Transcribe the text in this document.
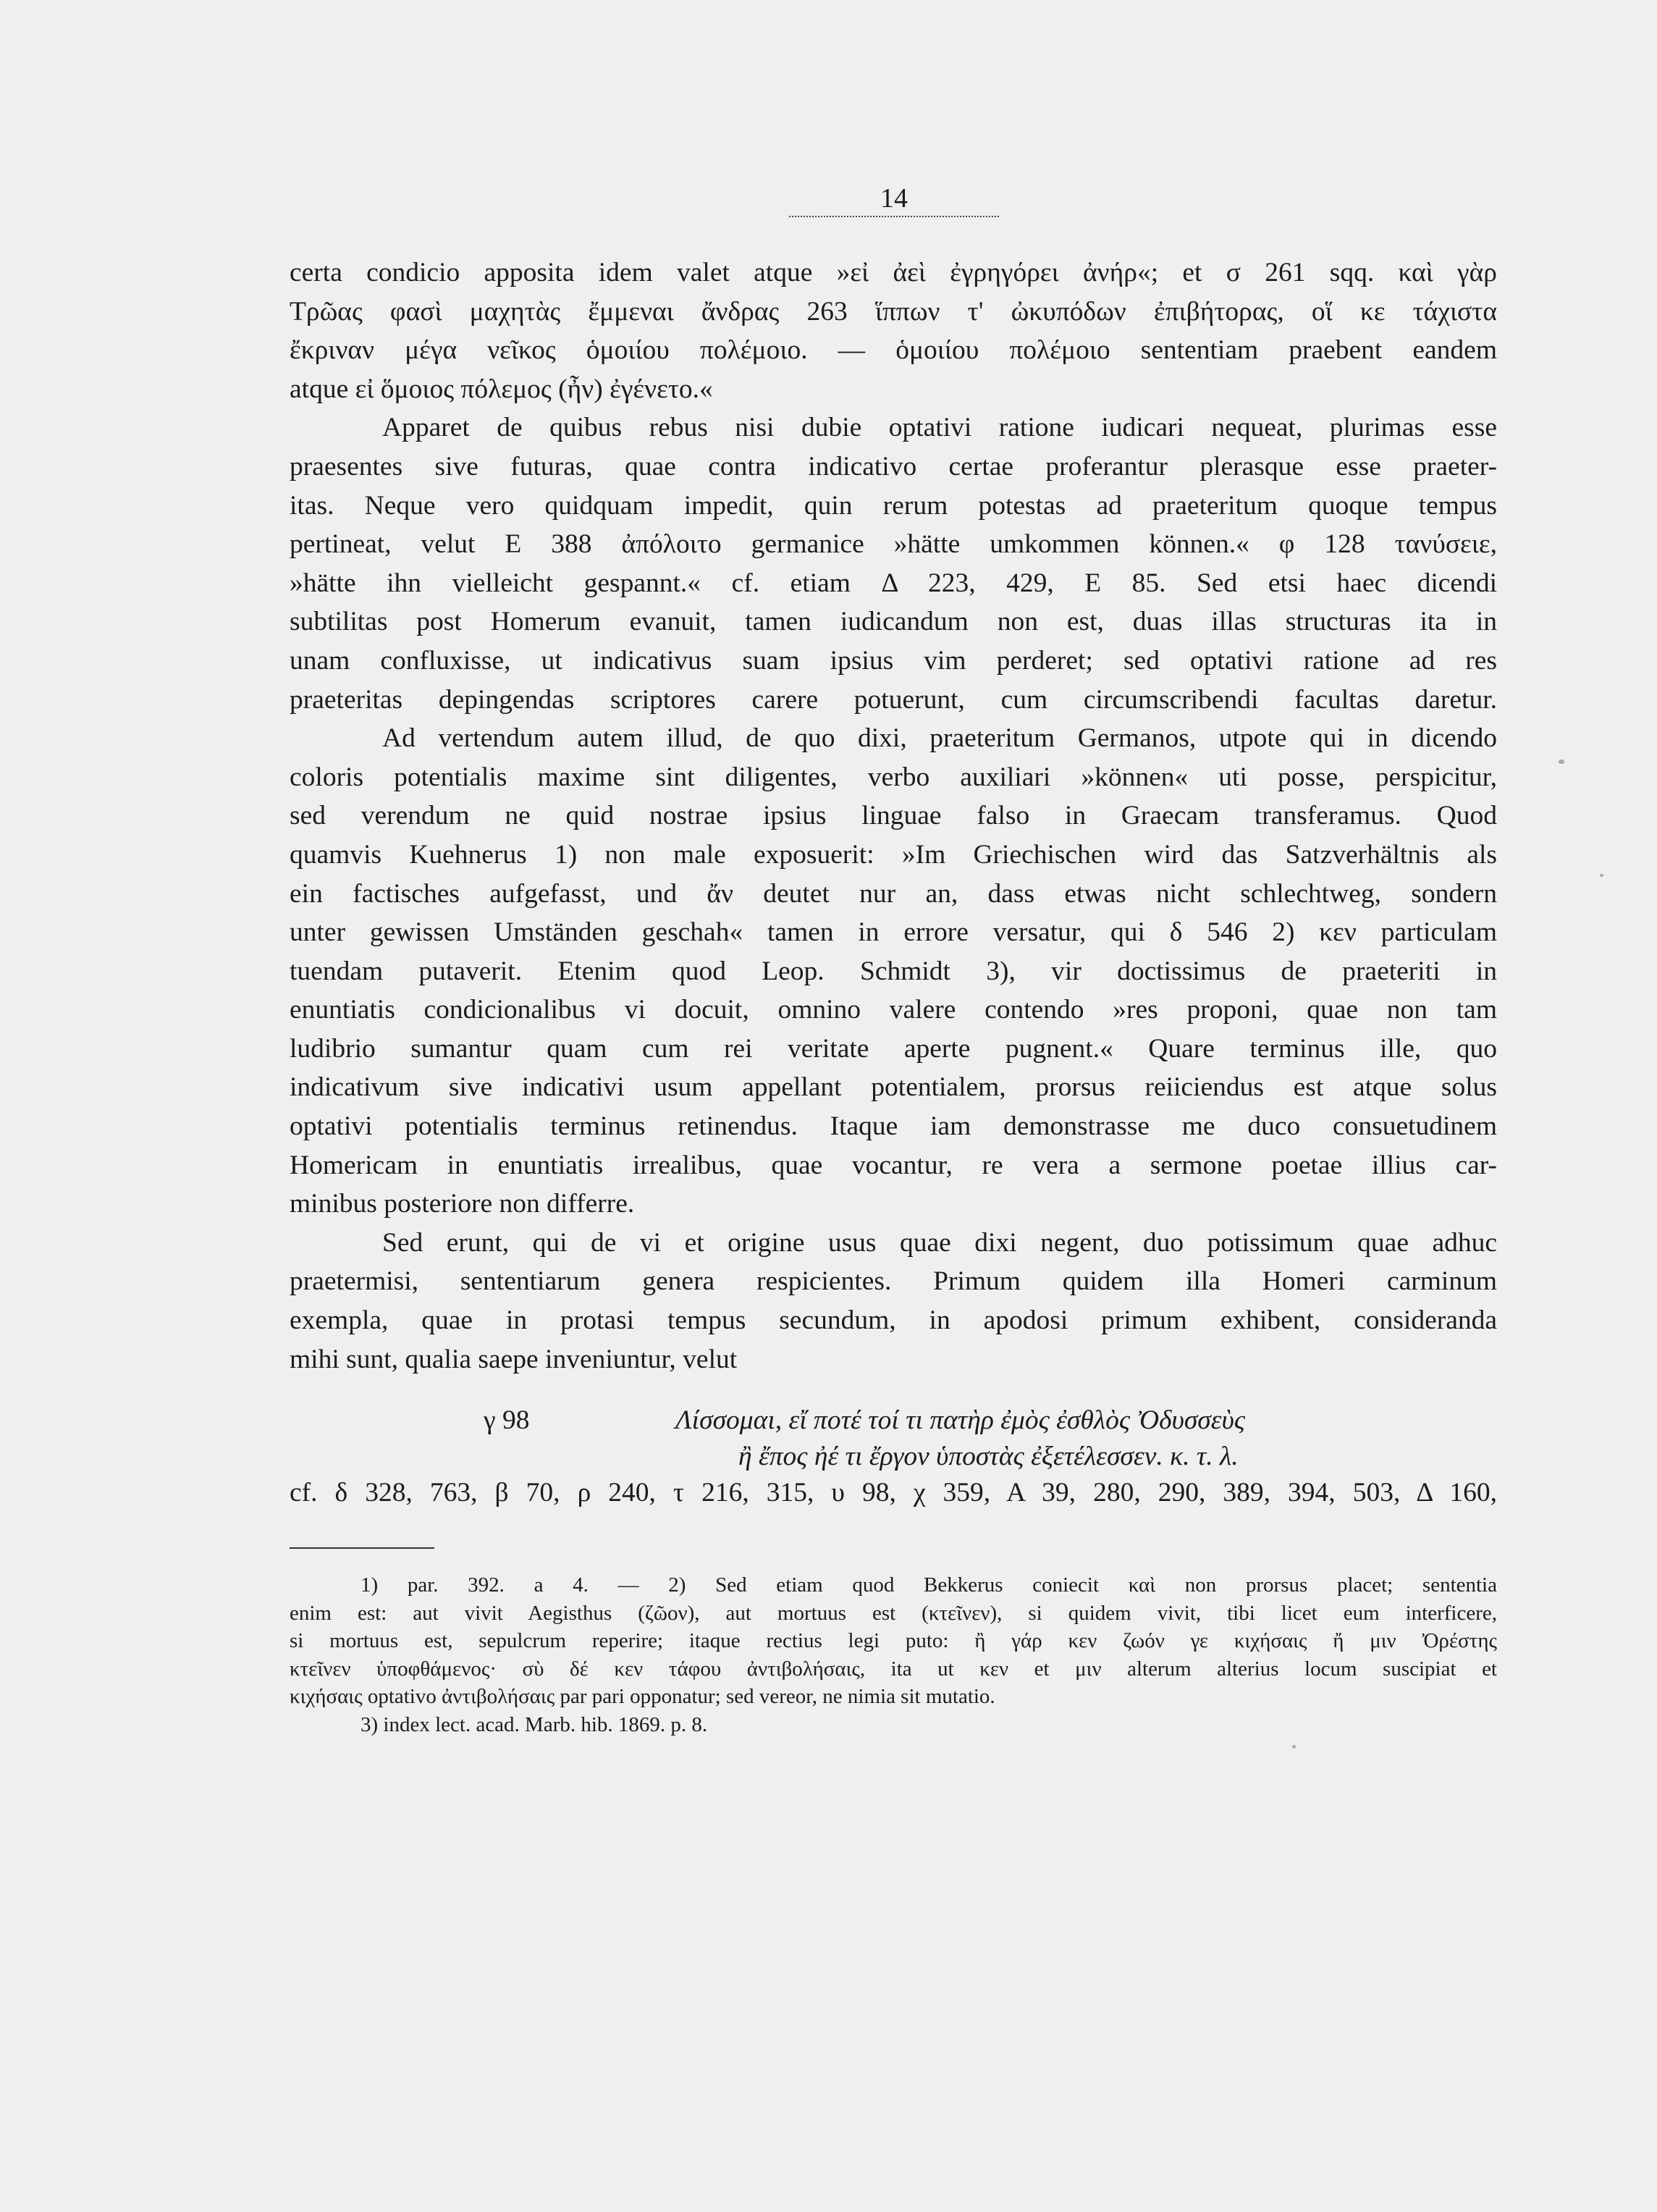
14
certa condicio apposita idem valet atque »εἰ ἀεὶ ἐγρηγόρει ἀνήρ«; et σ 261 sqq. καὶ γὰρ
Τρῶας φασὶ μαχητὰς ἔμμεναι ἄνδρας 263 ἵππων τ' ὠκυπόδων ἐπιβήτορας, οἵ κε τάχιστα
ἔκριναν μέγα νεῖκος ὁμοιίου πολέμοιο. — ὁμοιίου πολέμοιο sententiam praebent eandem
atque εἰ ὅμοιος πόλεμος (ἦν) ἐγένετο.«
Apparet de quibus rebus nisi dubie optativi ratione iudicari nequeat, plurimas esse
praesentes sive futuras, quae contra indicativo certae proferantur plerasque esse praeter-
itas. Neque vero quidquam impedit, quin rerum potestas ad praeteritum quoque tempus
pertineat, velut Ε 388 ἀπόλοιτο germanice »hätte umkommen können.« φ 128 τανύσειε,
»hätte ihn vielleicht gespannt.« cf. etiam Δ 223, 429, Ε 85. Sed etsi haec dicendi
subtilitas post Homerum evanuit, tamen iudicandum non est, duas illas structuras ita in
unam confluxisse, ut indicativus suam ipsius vim perderet; sed optativi ratione ad res
praeteritas depingendas scriptores carere potuerunt, cum circumscribendi facultas daretur.
Ad vertendum autem illud, de quo dixi, praeteritum Germanos, utpote qui in dicendo
coloris potentialis maxime sint diligentes, verbo auxiliari »können« uti posse, perspicitur,
sed verendum ne quid nostrae ipsius linguae falso in Graecam transferamus. Quod
quamvis Kuehnerus 1) non male exposuerit: »Im Griechischen wird das Satzverhältnis als
ein factisches aufgefasst, und ἄν deutet nur an, dass etwas nicht schlechtweg, sondern
unter gewissen Umständen geschah« tamen in errore versatur, qui δ 546 2) κεν particulam
tuendam putaverit. Etenim quod Leop. Schmidt 3), vir doctissimus de praeteriti in
enuntiatis condicionalibus vi docuit, omnino valere contendo »res proponi, quae non tam
ludibrio sumantur quam cum rei veritate aperte pugnent.« Quare terminus ille, quo
indicativum sive indicativi usum appellant potentialem, prorsus reiiciendus est atque solus
optativi potentialis terminus retinendus. Itaque iam demonstrasse me duco consuetudinem
Homericam in enuntiatis irrealibus, quae vocantur, re vera a sermone poetae illius car-
minibus posteriore non differre.
Sed erunt, qui de vi et origine usus quae dixi negent, duo potissimum quae adhuc
praetermisi, sententiarum genera respicientes. Primum quidem illa Homeri carminum
exempla, quae in protasi tempus secundum, in apodosi primum exhibent, consideranda
mihi sunt, qualia saepe inveniuntur, velut
γ 98	Λίσσομαι, εἴ ποτέ τοί τι πατὴρ ἐμὸς ἐσθλὸς Ὀδυσσεὺς
ἢ ἔπος ἠέ τι ἔργον ὑποστὰς ἐξετέλεσσεν. κ. τ. λ.
cf. δ 328, 763, β 70, ρ 240, τ 216, 315, υ 98, χ 359, Α 39, 280, 290, 389, 394, 503, Δ 160,
1) par. 392. a 4. — 2) Sed etiam quod Bekkerus coniecit καὶ non prorsus placet; sententia
enim est: aut vivit Aegisthus (ζῶον), aut mortuus est (κτεῖνεν), si quidem vivit, tibi licet eum interficere,
si mortuus est, sepulcrum reperire; itaque rectius legi puto: ἢ γάρ κεν ζωόν γε κιχήσαις ἤ μιν Ὀρέστης
κτεῖνεν ὑποφθάμενος· σὺ δέ κεν τάφου ἀντιβολήσαις, ita ut κεν et μιν alterum alterius locum suscipiat et
κιχήσαις optativo ἀντιβολήσαις par pari opponatur; sed vereor, ne nimia sit mutatio.
3) index lect. acad. Marb. hib. 1869. p. 8.
